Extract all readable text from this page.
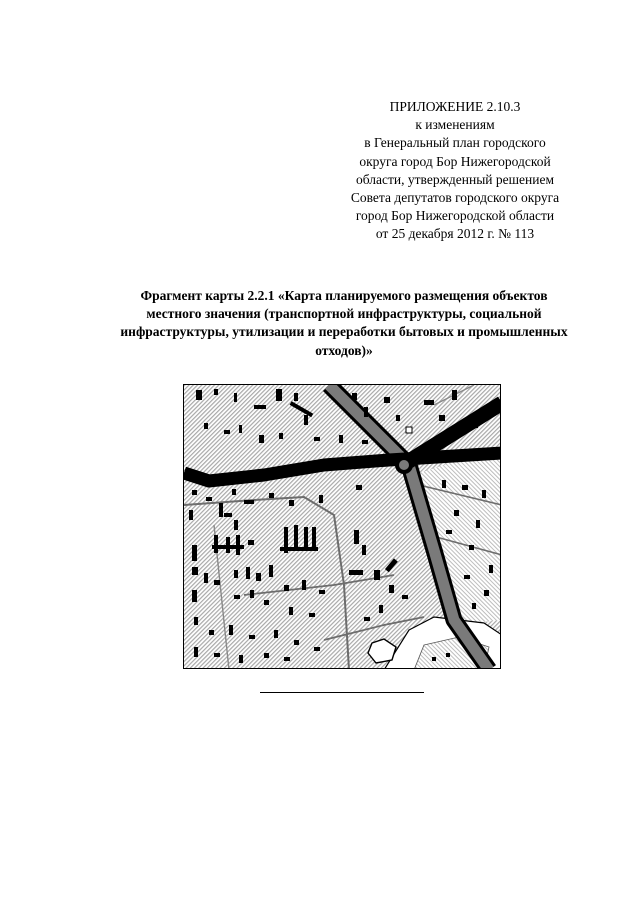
ПРИЛОЖЕНИЕ 2.10.3
к изменениям
в Генеральный план городского
округа город Бор Нижегородской
области, утвержденный решением
Совета депутатов городского округа
город Бор Нижегородской области
от 25 декабря 2012 г. № 113
Фрагмент карты 2.2.1 «Карта планируемого размещения объектов
местного значения (транспортной инфраструктуры, социальной
инфраструктуры, утилизации и переработки бытовых и промышленных
отходов)»
